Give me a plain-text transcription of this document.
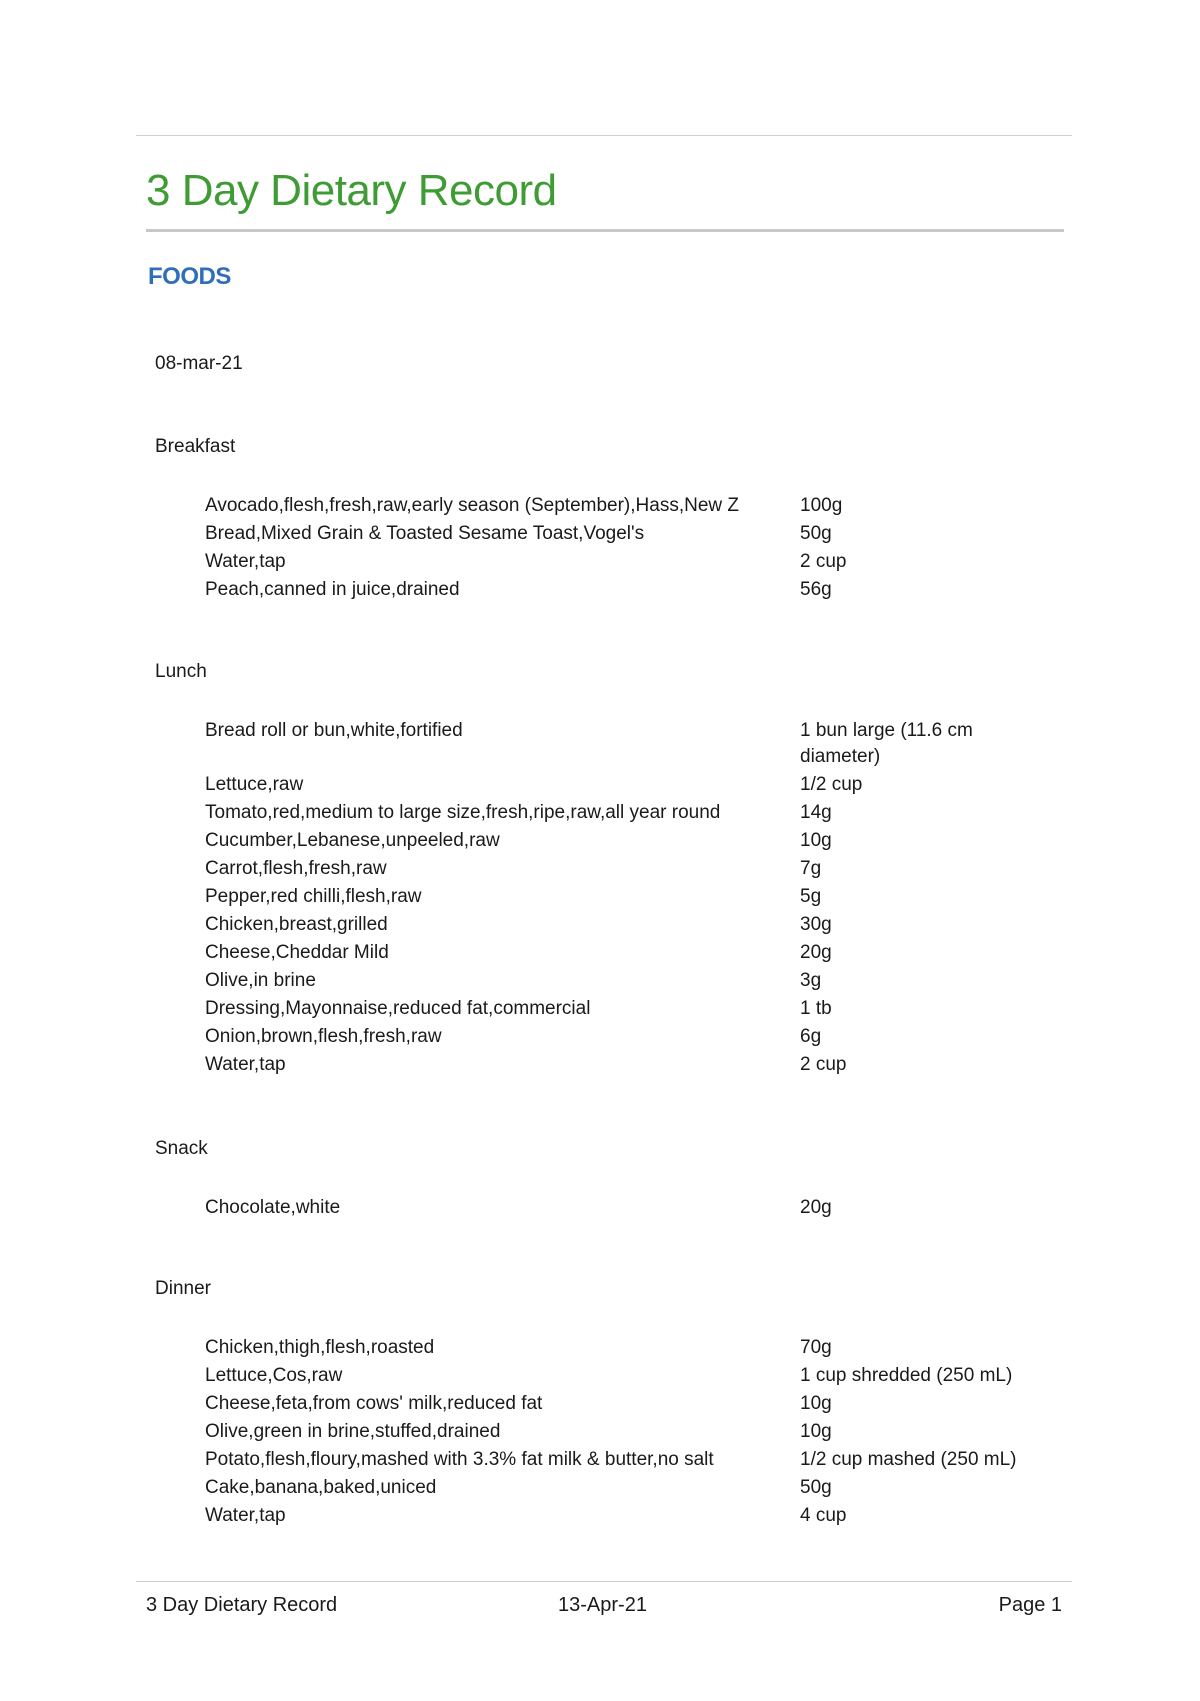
3 Day Dietary Record
FOODS
08-mar-21
Breakfast
Avocado,flesh,fresh,raw,early season (September),Hass,New Z	100g
Bread,Mixed Grain & Toasted Sesame Toast,Vogel's	50g
Water,tap	2 cup
Peach,canned in juice,drained	56g
Lunch
Bread roll or bun,white,fortified	1 bun large (11.6 cm diameter)
Lettuce,raw	1/2 cup
Tomato,red,medium to large size,fresh,ripe,raw,all year round	14g
Cucumber,Lebanese,unpeeled,raw	10g
Carrot,flesh,fresh,raw	7g
Pepper,red chilli,flesh,raw	5g
Chicken,breast,grilled	30g
Cheese,Cheddar Mild	20g
Olive,in brine	3g
Dressing,Mayonnaise,reduced fat,commercial	1 tb
Onion,brown,flesh,fresh,raw	6g
Water,tap	2 cup
Snack
Chocolate,white	20g
Dinner
Chicken,thigh,flesh,roasted	70g
Lettuce,Cos,raw	1 cup shredded (250 mL)
Cheese,feta,from cows' milk,reduced fat	10g
Olive,green in brine,stuffed,drained	10g
Potato,flesh,floury,mashed with 3.3% fat milk & butter,no salt	1/2 cup mashed (250 mL)
Cake,banana,baked,uniced	50g
Water,tap	4 cup
3 Day Dietary Record	13-Apr-21	Page 1
